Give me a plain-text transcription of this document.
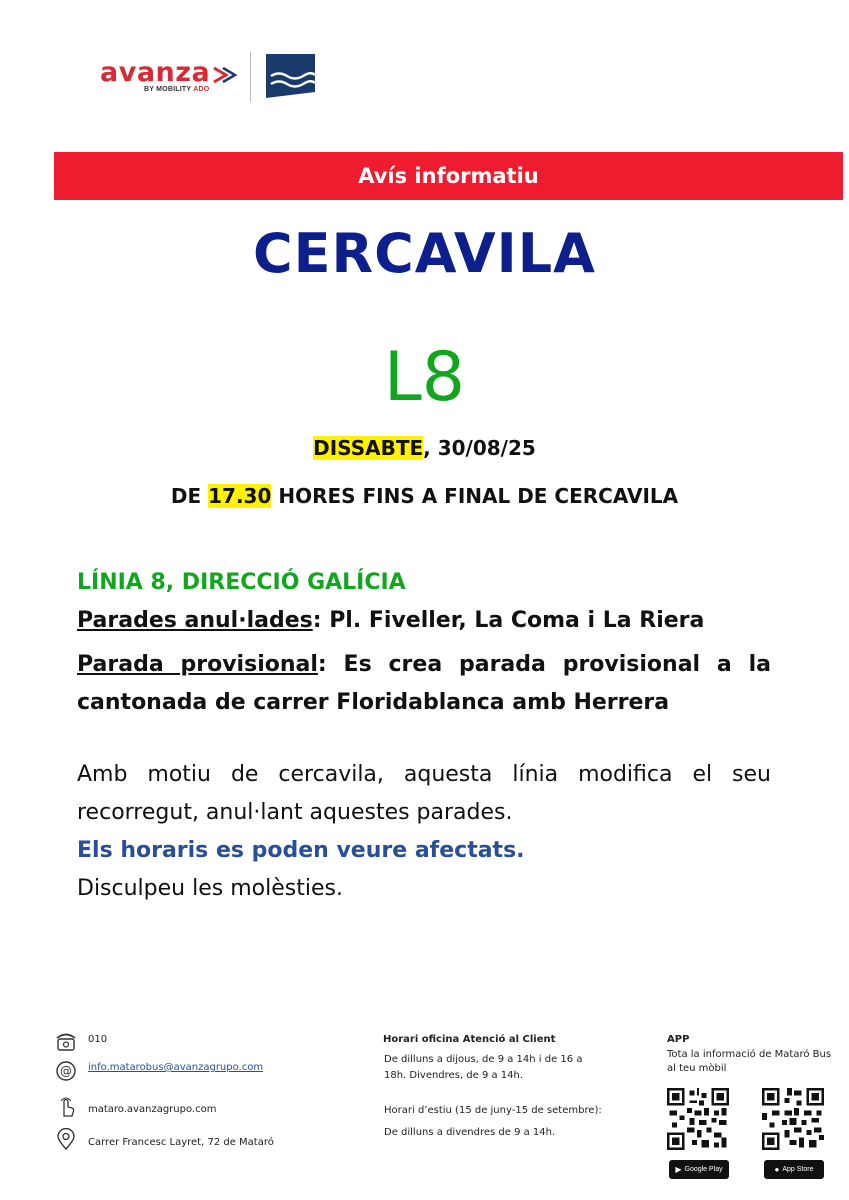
avanza
BY MOBILITY ADO
Mataró Bus
Avís informatiu
CERCAVILA
L8
DISSABTE, 30/08/25
DE 17.30 HORES FINS A FINAL DE CERCAVILA
LÍNIA 8, DIRECCIÓ GALÍCIA
Parades anul·lades: Pl. Fiveller, La Coma i La Riera
Parada provisional: Es crea parada provisional a la cantonada de carrer Floridablanca amb Herrera
Amb motiu de cercavila, aquesta línia modifica el seu recorregut, anul·lant aquestes parades.
Els horaris es poden veure afectats.
Disculpeu les molèsties.
010
@ info.matarobus@avanzagrupo.com
mataro.avanzagrupo.com
Carrer Francesc Layret, 72 de Mataró
Horari oficina Atenció al Client
De dilluns a dijous, de 9 a 14h i de 16 a 18h. Divendres, de 9 a 14h.
Horari d’estiu (15 de juny-15 de setembre):
De dilluns a divendres de 9 a 14h.
APP
Tota la informació de Mataró Bus al teu mòbil
▶ Google Play	● App Store
